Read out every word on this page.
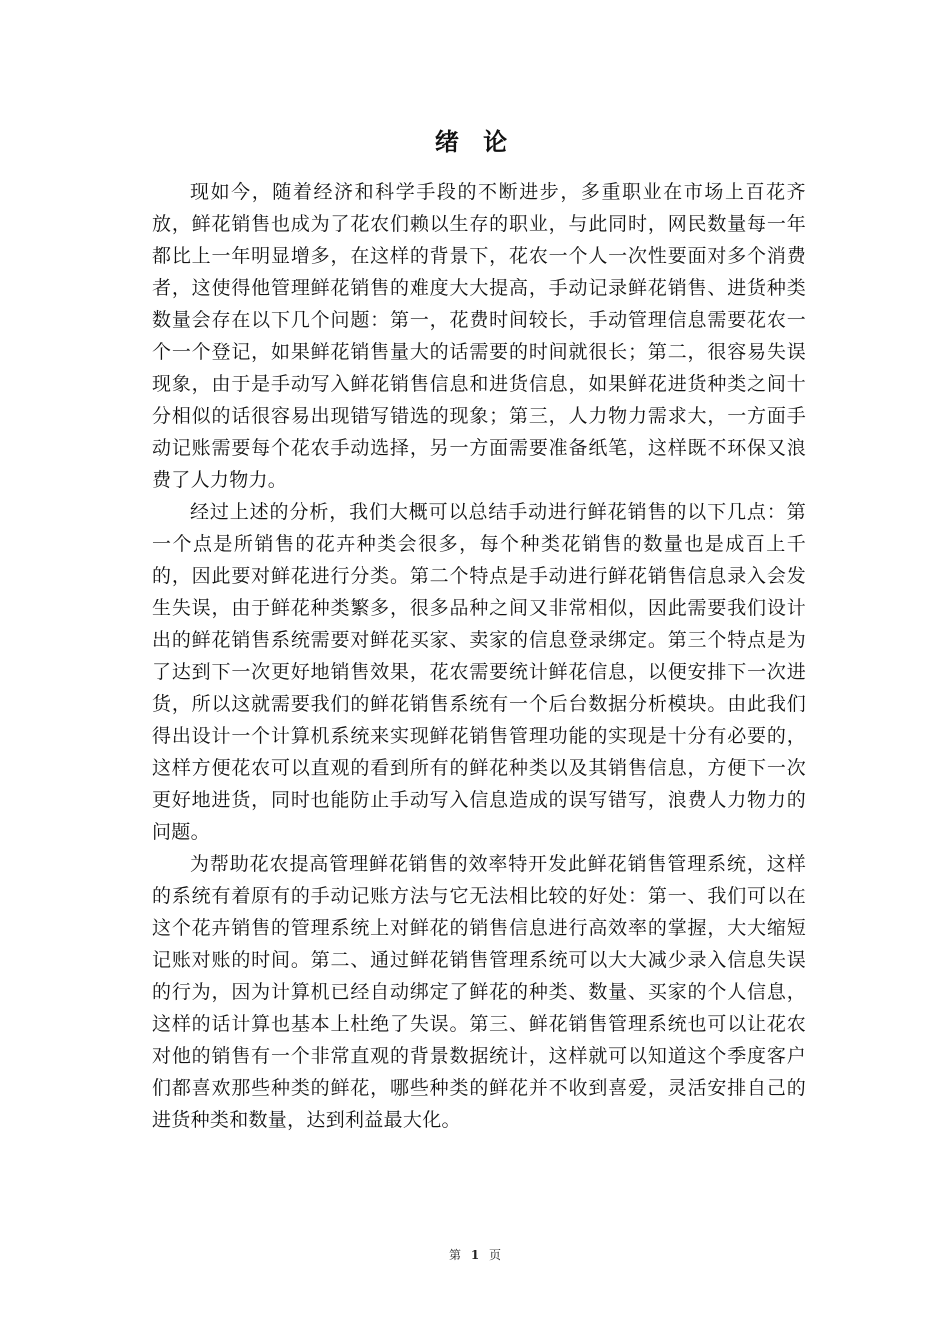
绪 论

现如今，随着经济和科学手段的不断进步，多重职业在市场上百花齐放，鲜花销售也成为了花农们赖以生存的职业，与此同时，网民数量每一年都比上一年明显增多，在这样的背景下，花农一个人一次性要面对多个消费者，这使得他管理鲜花销售的难度大大提高，手动记录鲜花销售、进货种类数量会存在以下几个问题：第一，花费时间较长，手动管理信息需要花农一个一个登记，如果鲜花销售量大的话需要的时间就很长；第二，很容易失误现象，由于是手动写入鲜花销售信息和进货信息，如果鲜花进货种类之间十分相似的话很容易出现错写错选的现象；第三，人力物力需求大，一方面手动记账需要每个花农手动选择，另一方面需要准备纸笔，这样既不环保又浪费了人力物力。

经过上述的分析，我们大概可以总结手动进行鲜花销售的以下几点：第一个点是所销售的花卉种类会很多，每个种类花销售的数量也是成百上千的，因此要对鲜花进行分类。第二个特点是手动进行鲜花销售信息录入会发生失误，由于鲜花种类繁多，很多品种之间又非常相似，因此需要我们设计出的鲜花销售系统需要对鲜花买家、卖家的信息登录绑定。第三个特点是为了达到下一次更好地销售效果，花农需要统计鲜花信息，以便安排下一次进货，所以这就需要我们的鲜花销售系统有一个后台数据分析模块。由此我们得出设计一个计算机系统来实现鲜花销售管理功能的实现是十分有必要的，这样方便花农可以直观的看到所有的鲜花种类以及其销售信息，方便下一次更好地进货，同时也能防止手动写入信息造成的误写错写，浪费人力物力的问题。

为帮助花农提高管理鲜花销售的效率特开发此鲜花销售管理系统，这样的系统有着原有的手动记账方法与它无法相比较的好处：第一、我们可以在这个花卉销售的管理系统上对鲜花的销售信息进行高效率的掌握，大大缩短记账对账的时间。第二、通过鲜花销售管理系统可以大大减少录入信息失误的行为，因为计算机已经自动绑定了鲜花的种类、数量、买家的个人信息，这样的话计算也基本上杜绝了失误。第三、鲜花销售管理系统也可以让花农对他的销售有一个非常直观的背景数据统计，这样就可以知道这个季度客户们都喜欢那些种类的鲜花，哪些种类的鲜花并不收到喜爱，灵活安排自己的进货种类和数量，达到利益最大化。

第 1 页
